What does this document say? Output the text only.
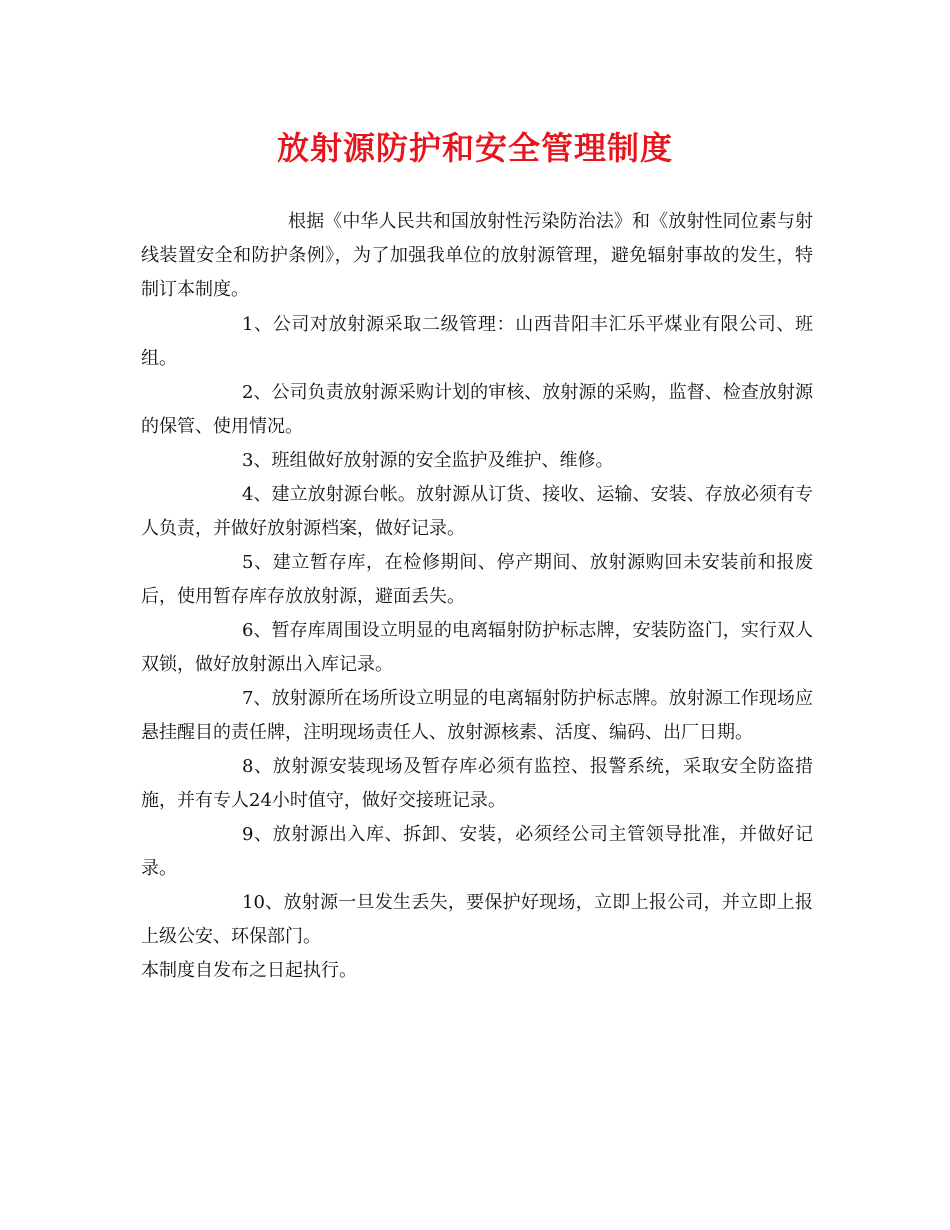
放射源防护和安全管理制度

根据《中华人民共和国放射性污染防治法》和《放射性同位素与射线装置安全和防护条例》，为了加强我单位的放射源管理，避免辐射事故的发生，特制订本制度。

1、公司对放射源采取二级管理：山西昔阳丰汇乐平煤业有限公司、班组。

2、公司负责放射源采购计划的审核、放射源的采购，监督、检查放射源的保管、使用情况。

3、班组做好放射源的安全监护及维护、维修。

4、建立放射源台帐。放射源从订货、接收、运输、安装、存放必须有专人负责，并做好放射源档案，做好记录。

5、建立暂存库，在检修期间、停产期间、放射源购回未安装前和报废后，使用暂存库存放放射源，避面丢失。

6、暂存库周围设立明显的电离辐射防护标志牌，安装防盗门，实行双人双锁，做好放射源出入库记录。

7、放射源所在场所设立明显的电离辐射防护标志牌。放射源工作现场应悬挂醒目的责任牌，注明现场责任人、放射源核素、活度、编码、出厂日期。

8、放射源安装现场及暂存库必须有监控、报警系统，采取安全防盗措施，并有专人24小时值守，做好交接班记录。

9、放射源出入库、拆卸、安装，必须经公司主管领导批准，并做好记录。

10、放射源一旦发生丢失，要保护好现场，立即上报公司，并立即上报上级公安、环保部门。

本制度自发布之日起执行。
